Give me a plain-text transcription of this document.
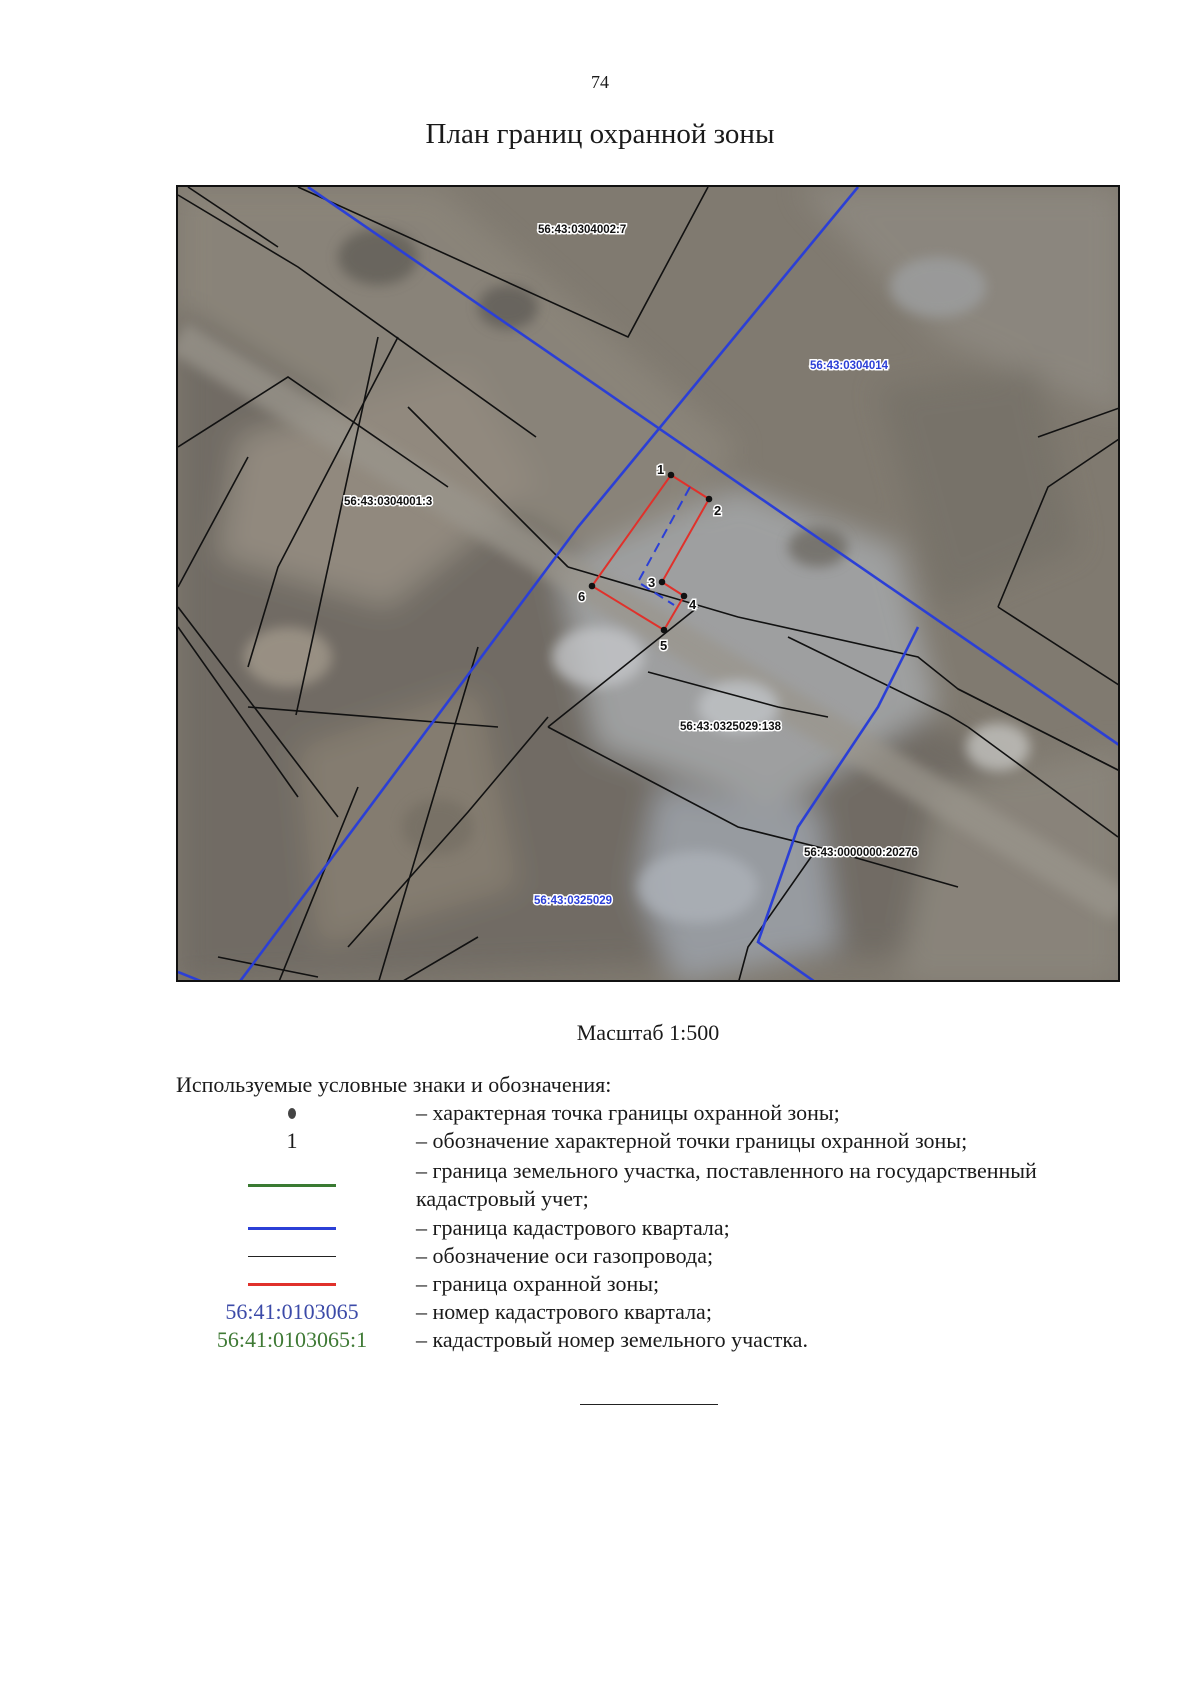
74
План границ охранной зоны
1
2
3
4
5
6
56:43:0304002:7
56:43:0304014
56:43:0304001:3
56:43:0325029:138
56:43:0000000:20276
56:43:0325029
Масштаб 1:500
Используемые условные знаки и обозначения:
– характерная точка границы охранной зоны;
1	– обозначение характерной точки границы охранной зоны;
– граница земельного участка, поставленного на государственный кадастровый учет;
– граница кадастрового квартала;
– обозначение оси газопровода;
– граница охранной зоны;
56:41:0103065	– номер кадастрового квартала;
56:41:0103065:1	– кадастровый номер земельного участка.
